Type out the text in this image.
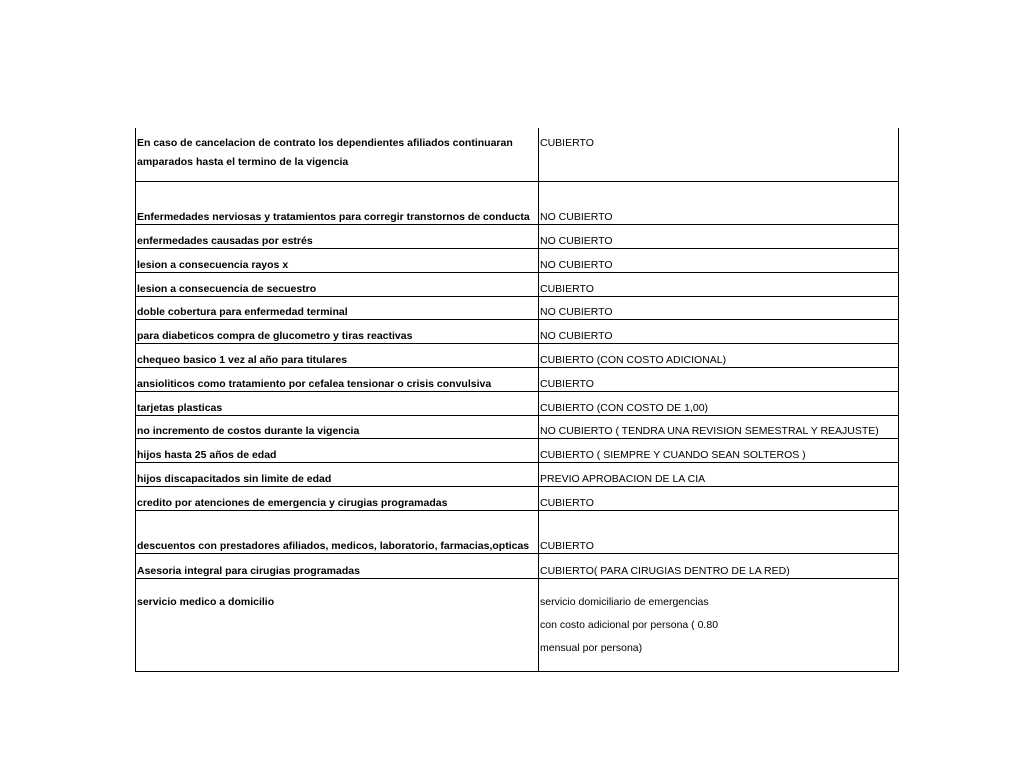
En caso de cancelacion de contrato los dependientes afiliados continuaran
amparados hasta el termino de la vigencia	CUBIERTO

Enfermedades nerviosas y tratamientos para corregir transtornos de conducta	NO CUBIERTO
enfermedades causadas por estrés	NO CUBIERTO
lesion a consecuencia rayos x	NO CUBIERTO
lesion a consecuencia de secuestro	CUBIERTO
doble cobertura para enfermedad terminal	NO CUBIERTO
para diabeticos compra de glucometro y tiras reactivas	NO CUBIERTO
chequeo basico 1 vez al año para titulares	CUBIERTO (CON COSTO ADICIONAL)
ansioliticos como tratamiento por cefalea tensionar o crisis convulsiva	CUBIERTO
tarjetas plasticas	CUBIERTO (CON COSTO DE 1,00)
no incremento de costos durante la vigencia	NO CUBIERTO ( TENDRA UNA REVISION SEMESTRAL Y REAJUSTE)
hijos hasta 25 años de edad	CUBIERTO ( SIEMPRE Y CUANDO SEAN SOLTEROS )
hijos discapacitados sin limite de edad	PREVIO APROBACION DE LA CIA
credito por atenciones de emergencia y cirugias programadas	CUBIERTO
descuentos con prestadores afiliados, medicos, laboratorio, farmacias,opticas	CUBIERTO
Asesoria integral para cirugias programadas	CUBIERTO( PARA CIRUGIAS DENTRO DE LA RED)

servicio medico a domicilio	servicio domiciliario de emergencias
con costo adicional por persona ( 0.80
mensual por persona)
